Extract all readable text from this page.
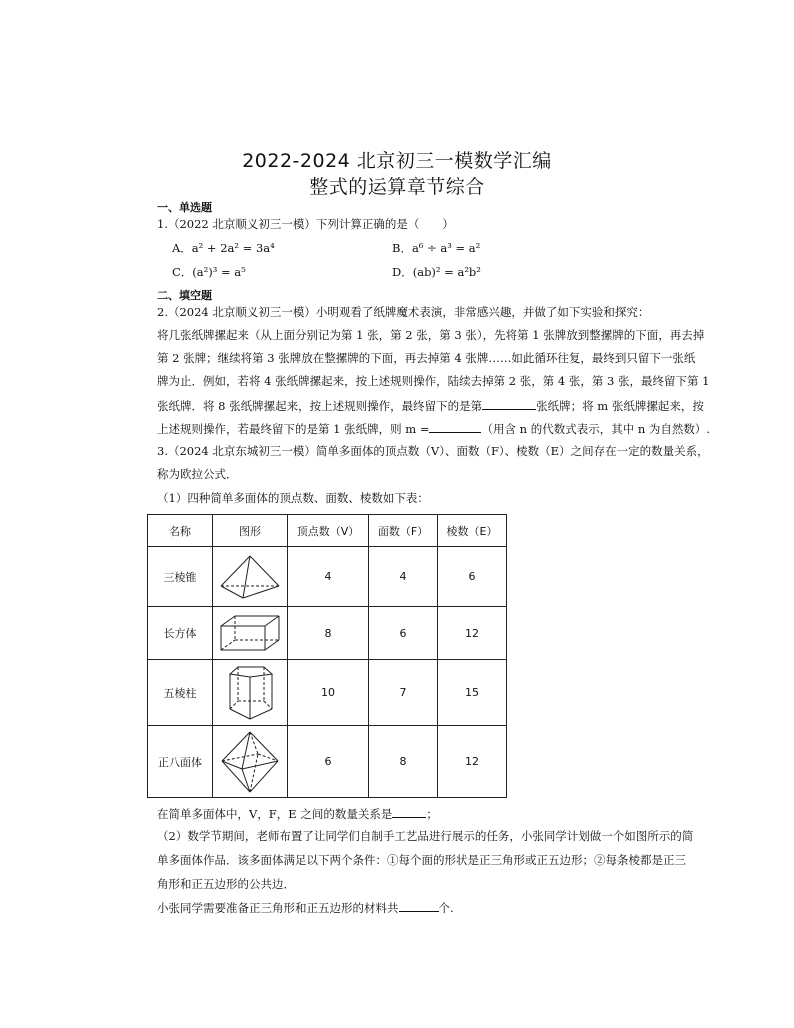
2022-2024 北京初三一模数学汇编
整式的运算章节综合
一、单选题
1.（2022 北京顺义初三一模）下列计算正确的是（　　）
A．a² + 2a² = 3a⁴	B．a⁶ ÷ a³ = a²
C．(a²)³ = a⁵	D．(ab)² = a²b²
二、填空题
2.（2024 北京顺义初三一模）小明观看了纸牌魔术表演，非常感兴趣，并做了如下实验和探究：
将几张纸牌摞起来（从上面分别记为第 1 张，第 2 张，第 3 张），先将第 1 张牌放到整摞牌的下面，再去掉
第 2 张牌；继续将第 3 张牌放在整摞牌的下面，再去掉第 4 张牌……如此循环往复，最终到只留下一张纸
牌为止．例如，若将 4 张纸牌摞起来，按上述规则操作，陆续去掉第 2 张，第 4 张，第 3 张，最终留下第 1
张纸牌．将 8 张纸牌摞起来，按上述规则操作，最终留下的是第	张纸牌；将 m 张纸牌摞起来，按
上述规则操作，若最终留下的是第 1 张纸牌，则 m =	（用含 n 的代数式表示，其中 n 为自然数）.
3.（2024 北京东城初三一模）简单多面体的顶点数（V）、面数（F）、棱数（E）之间存在一定的数量关系，
称为欧拉公式．
（1）四种简单多面体的顶点数、面数、棱数如下表：
名称	图形	顶点数（V）	面数（F）	棱数（E）
三棱锥		4	4	6
长方体		8	6	12
五棱柱		10	7	15
正八面体		6	8	12
在简单多面体中，V，F，E 之间的数量关系是	；
（2）数学节期间，老师布置了让同学们自制手工艺品进行展示的任务，小张同学计划做一个如图所示的简
单多面体作品．该多面体满足以下两个条件：①每个面的形状是正三角形或正五边形；②每条棱都是正三
角形和正五边形的公共边．
小张同学需要准备正三角形和正五边形的材料共	个.
